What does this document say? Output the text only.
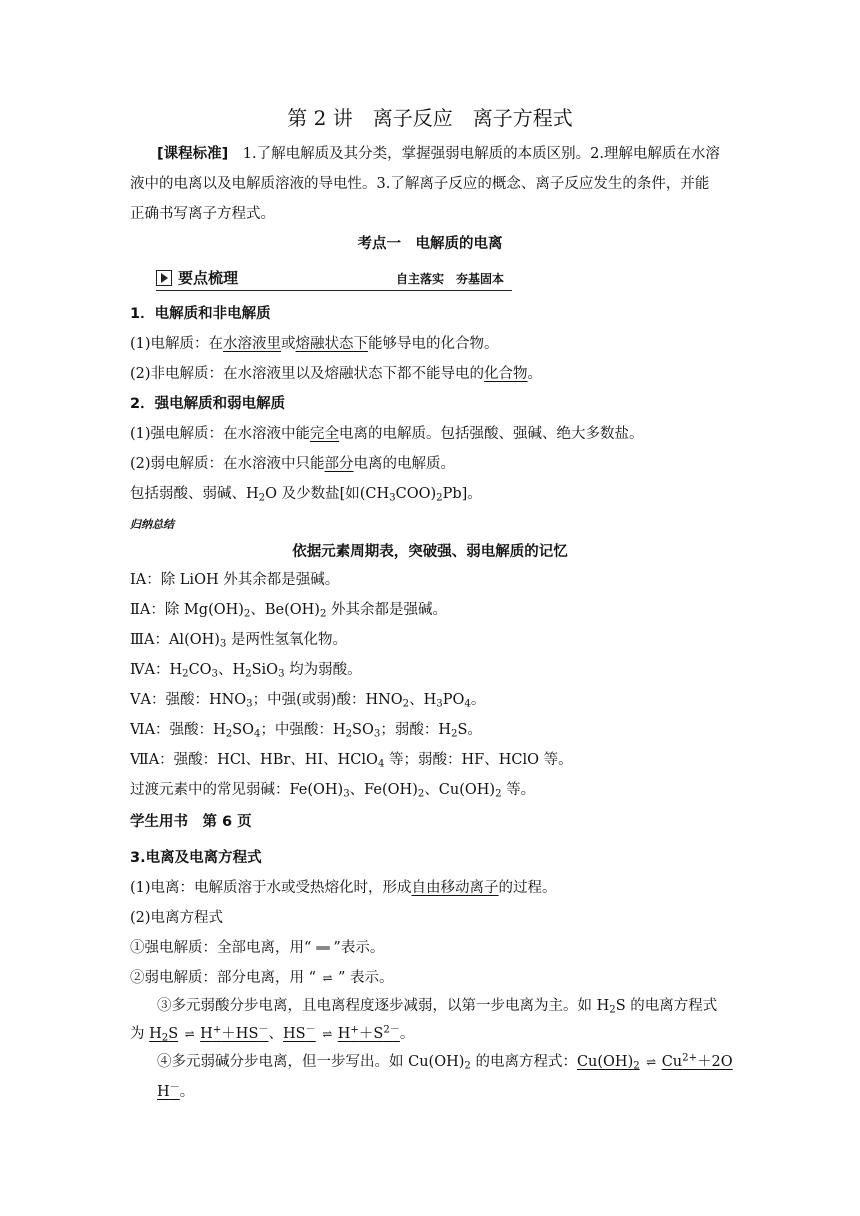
第 2 讲　离子反应　离子方程式
[课程标准]　 1.了解电解质及其分类，掌握强弱电解质的本质区别。2.理解电解质在水溶
液中的电离以及电解质溶液的导电性。3.了解离子反应的概念、离子反应发生的条件，并能
正确书写离子方程式。
考点一　电解质的电离
要点梳理	自主落实　夯基固本
1．电解质和非电解质
(1)电解质：在水溶液里或熔融状态下能够导电的化合物。
(2)非电解质：在水溶液里以及熔融状态下都不能导电的化合物。
2．强电解质和弱电解质
(1)强电解质：在水溶液中能完全电离的电解质。包括强酸、强碱、绝大多数盐。
(2)弱电解质：在水溶液中只能部分电离的电解质。
包括弱酸、弱碱、$H_2O$ 及少数盐[如$(CH_3COO)_2Pb$]。
归纳总结
依据元素周期表，突破强、弱电解质的记忆
ⅠA：除 LiOH 外其余都是强碱。
ⅡA：除 $Mg(OH)_2$、$Be(OH)_2$ 外其余都是强碱。
ⅢA：$Al(OH)_3$ 是两性氢氧化物。
ⅣA：$H_2CO_3$、$H_2SiO_3$ 均为弱酸。
ⅤA：强酸：$HNO_3$；中强(或弱)酸：$HNO_2$、$H_3PO_4$。
ⅥA：强酸：$H_2SO_4$；中强酸：$H_2SO_3$；弱酸：$H_2S$。
ⅦA：强酸：HCl、HBr、HI、HClO$_4$ 等；弱酸：HF、HClO 等。
过渡元素中的常见弱碱：$Fe(OH)_3$、$Fe(OH)_2$、$Cu(OH)_2$ 等。
学生用书　第 6 页
3.电离及电离方程式
(1)电离：电解质溶于水或受热熔化时，形成自由移动离子的过程。
(2)电离方程式
①强电解质：全部电离，用“ ══ ”表示。
②弱电解质：部分电离，用 “ ⇌ ” 表示。
③多元弱酸分步电离，且电离程度逐步减弱，以第一步电离为主。如 $H_2S$ 的电离方程式
为 $H_2S$ ⇌ H+＋HS－、HS－ ⇌ $H^++S^{2-}$。
④多元弱碱分步电离，但一步写出。如 $Cu(OH)_2$ 的电离方程式：$Cu(OH)_2$ ⇌ $Cu^{2+}+2O$
H－。
